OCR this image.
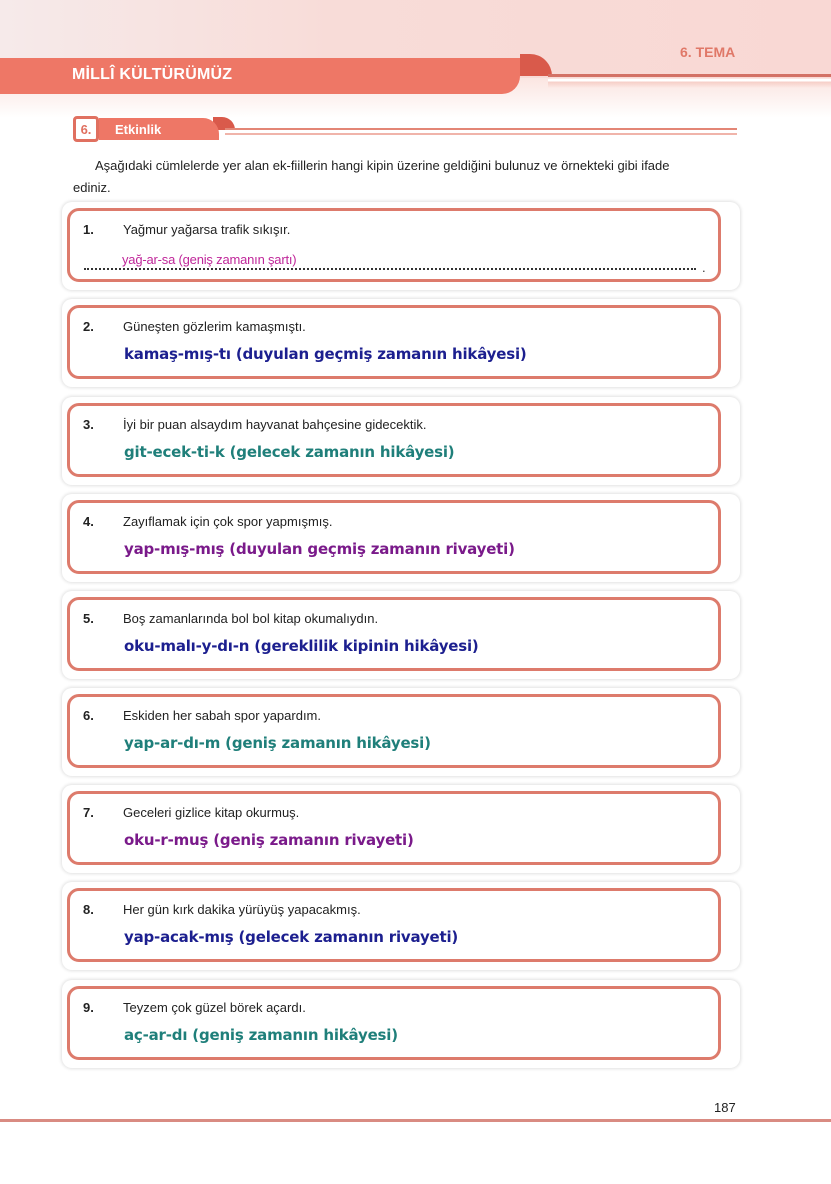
MİLLÎ KÜLTÜRÜMÜZ
6. TEMA
Etkinlik
6.
Aşağıdaki cümlelerde yer alan ek-fiillerin hangi kipin üzerine geldiğini bulunuz ve örnekteki gibi ifade
ediniz.
1. Yağmur yağarsa trafik sıkışır.
.
yağ-ar-sa (geniş zamanın şartı)
2. Güneşten gözlerim kamaşmıştı.
kamaş-mış-tı (duyulan geçmiş zamanın hikâyesi)
3. İyi bir puan alsaydım hayvanat bahçesine gidecektik.
git-ecek-ti-k (gelecek zamanın hikâyesi)
4. Zayıflamak için çok spor yapmışmış.
yap-mış-mış (duyulan geçmiş zamanın rivayeti)
5. Boş zamanlarında bol bol kitap okumalıydın.
oku-malı-y-dı-n (gereklilik kipinin hikâyesi)
6. Eskiden her sabah spor yapardım.
yap-ar-dı-m (geniş zamanın hikâyesi)
7. Geceleri gizlice kitap okurmuş.
oku-r-muş (geniş zamanın rivayeti)
8. Her gün kırk dakika yürüyüş yapacakmış.
yap-acak-mış (gelecek zamanın rivayeti)
9. Teyzem çok güzel börek açardı.
aç-ar-dı (geniş zamanın hikâyesi)
187
